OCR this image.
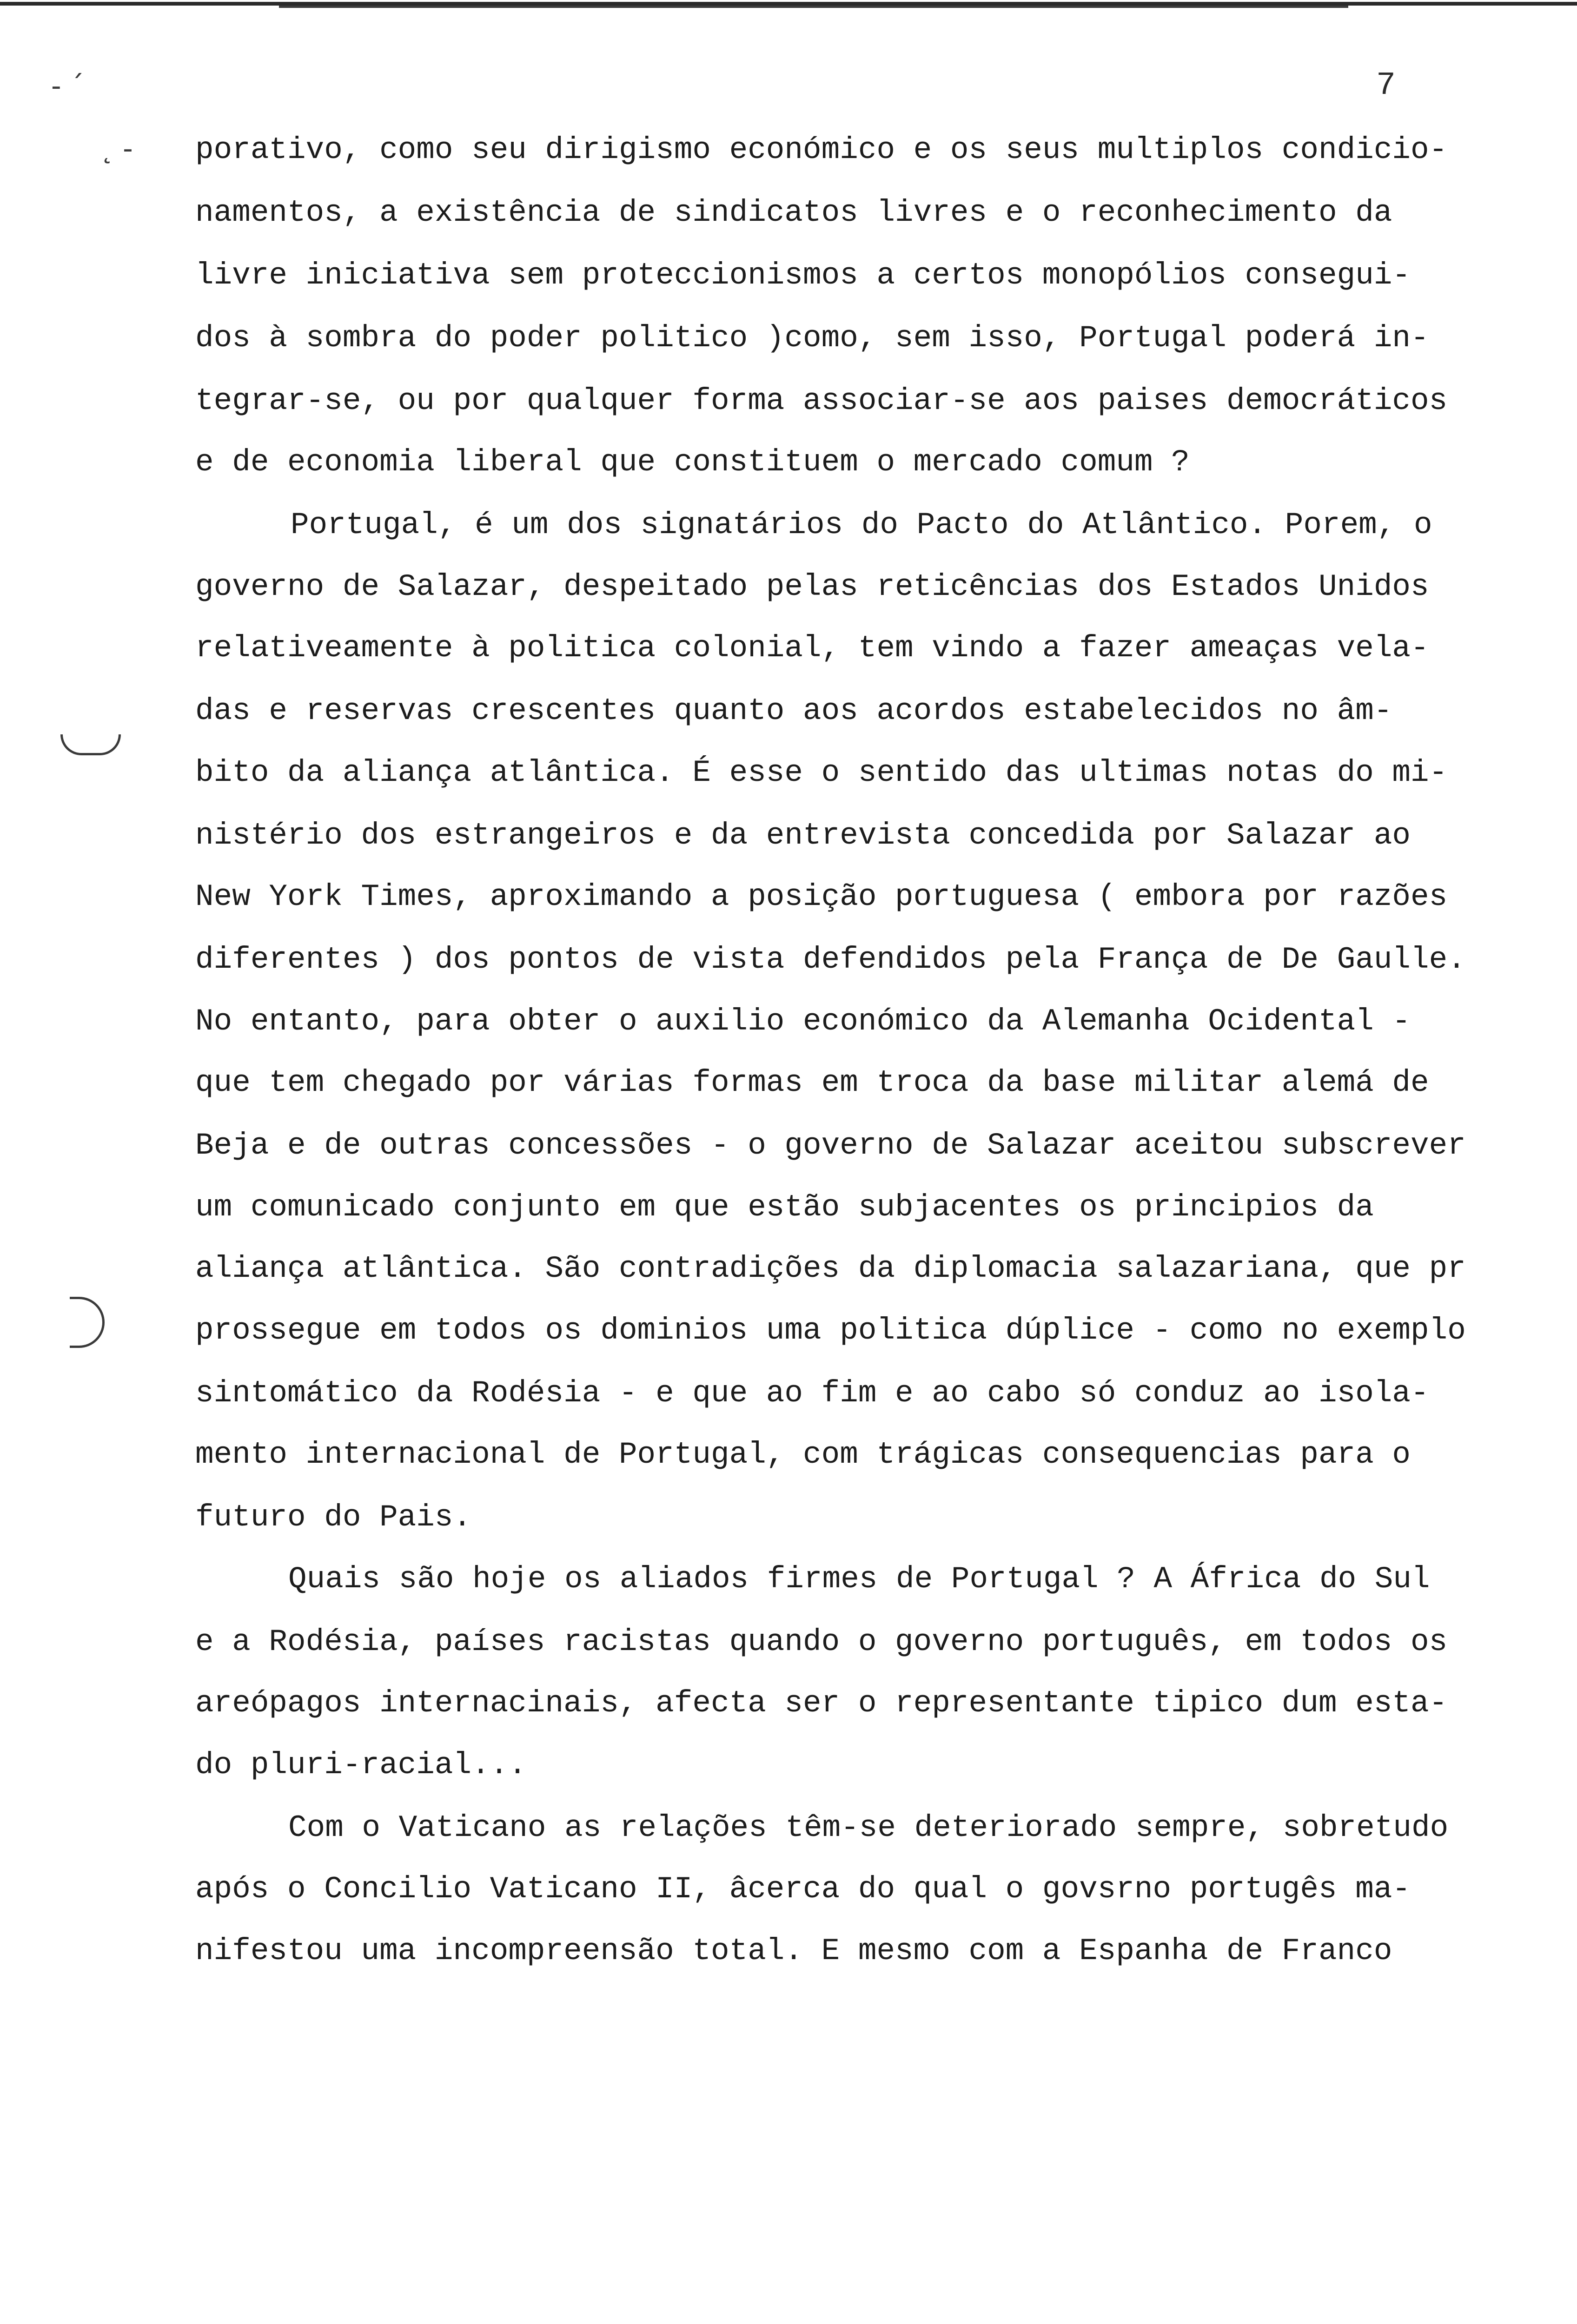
- ´
˛ -
7
porativo, como seu dirigismo económico e os seus multiplos condicio-
namentos, a existência de sindicatos livres e o reconhecimento da
livre iniciativa sem proteccionismos a certos monopólios consegui-
dos à sombra do poder politico )como, sem isso, Portugal poderá in-
tegrar-se, ou por qualquer forma associar-se aos paises democráticos
e de economia liberal que constituem o mercado comum ?
Portugal, é um dos signatários do Pacto do Atlântico. Porem, o
governo de Salazar, despeitado pelas reticências dos Estados Unidos
relativeamente à politica colonial, tem vindo a fazer ameaças vela-
das e reservas crescentes quanto aos acordos estabelecidos no âm-
bito da aliança atlântica. É esse o sentido das ultimas notas do mi-
nistério dos estrangeiros e da entrevista concedida por Salazar ao
New York Times, aproximando a posição portuguesa ( embora por razões
diferentes ) dos pontos de vista defendidos pela França de De Gaulle.
No entanto, para obter o auxilio económico da Alemanha Ocidental -
que tem chegado por várias formas em troca da base militar alemá de
Beja e de outras concessões - o governo de Salazar aceitou subscrever
um comunicado conjunto em que estão subjacentes os principios da
aliança atlântica. São contradições da diplomacia salazariana, que pr
prossegue em todos os dominios uma politica dúplice - como no exemplo
sintomático da Rodésia - e que ao fim e ao cabo só conduz ao isola-
mento internacional de Portugal, com trágicas consequencias para o
futuro do Pais.
Quais são hoje os aliados firmes de Portugal ? A África do Sul
e a Rodésia, países racistas quando o governo português, em todos os
areópagos internacinais, afecta ser o representante tipico dum esta-
do pluri-racial...
Com o Vaticano as relações têm-se deteriorado sempre, sobretudo
após o Concilio Vaticano II, âcerca do qual o govsrno portugês ma-
nifestou uma incompreensão total. E mesmo com a Espanha de Franco
